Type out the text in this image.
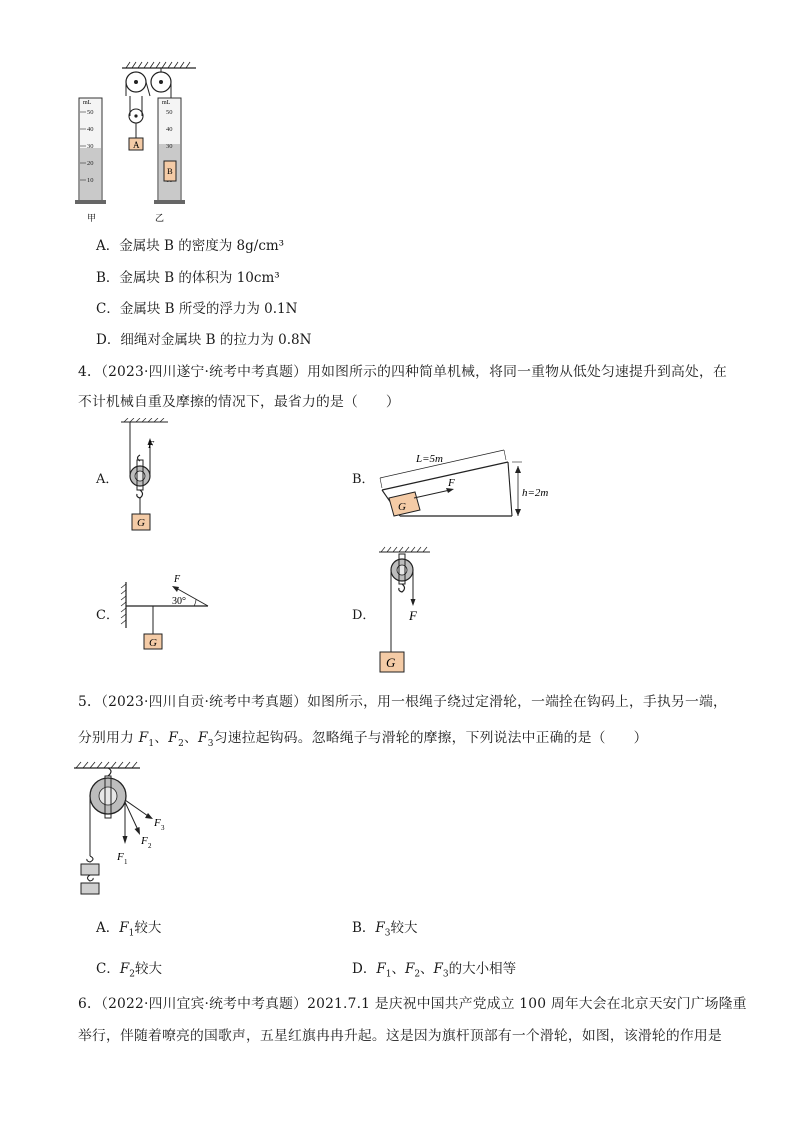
A
mL
50
40
30
20
10
mL
50
40
30
B
甲	乙
A．金属块 B 的密度为 8g/cm³
B．金属块 B 的体积为 10cm³
C．金属块 B 所受的浮力为 0.1N
D．细绳对金属块 B 的拉力为 0.8N
4．（2023·四川遂宁·统考中考真题）用如图所示的四种简单机械，将同一重物从低处匀速提升到高处，在
不计机械自重及摩擦的情况下，最省力的是（　　）
A．	B．
C．	D．
G
F
G
F
L=5m
h=2m
30°
F
G
F
G
5．（2023·四川自贡·统考中考真题）如图所示，用一根绳子绕过定滑轮，一端拴在钩码上，手执另一端，
分别用力 $F_1$、$F_2$、$F_3$匀速拉起钩码。忽略绳子与滑轮的摩擦，下列说法中正确的是（　　）
F 1
F 2
F 3
A．$F_1$较大	B．$F_3$较大
C．$F_2$较大	D．$F_1$、$F_2$、$F_3$的大小相等
6．（2022·四川宜宾·统考中考真题）2021.7.1 是庆祝中国共产党成立 100 周年大会在北京天安门广场隆重
举行，伴随着嘹亮的国歌声，五星红旗冉冉升起。这是因为旗杆顶部有一个滑轮，如图，该滑轮的作用是
